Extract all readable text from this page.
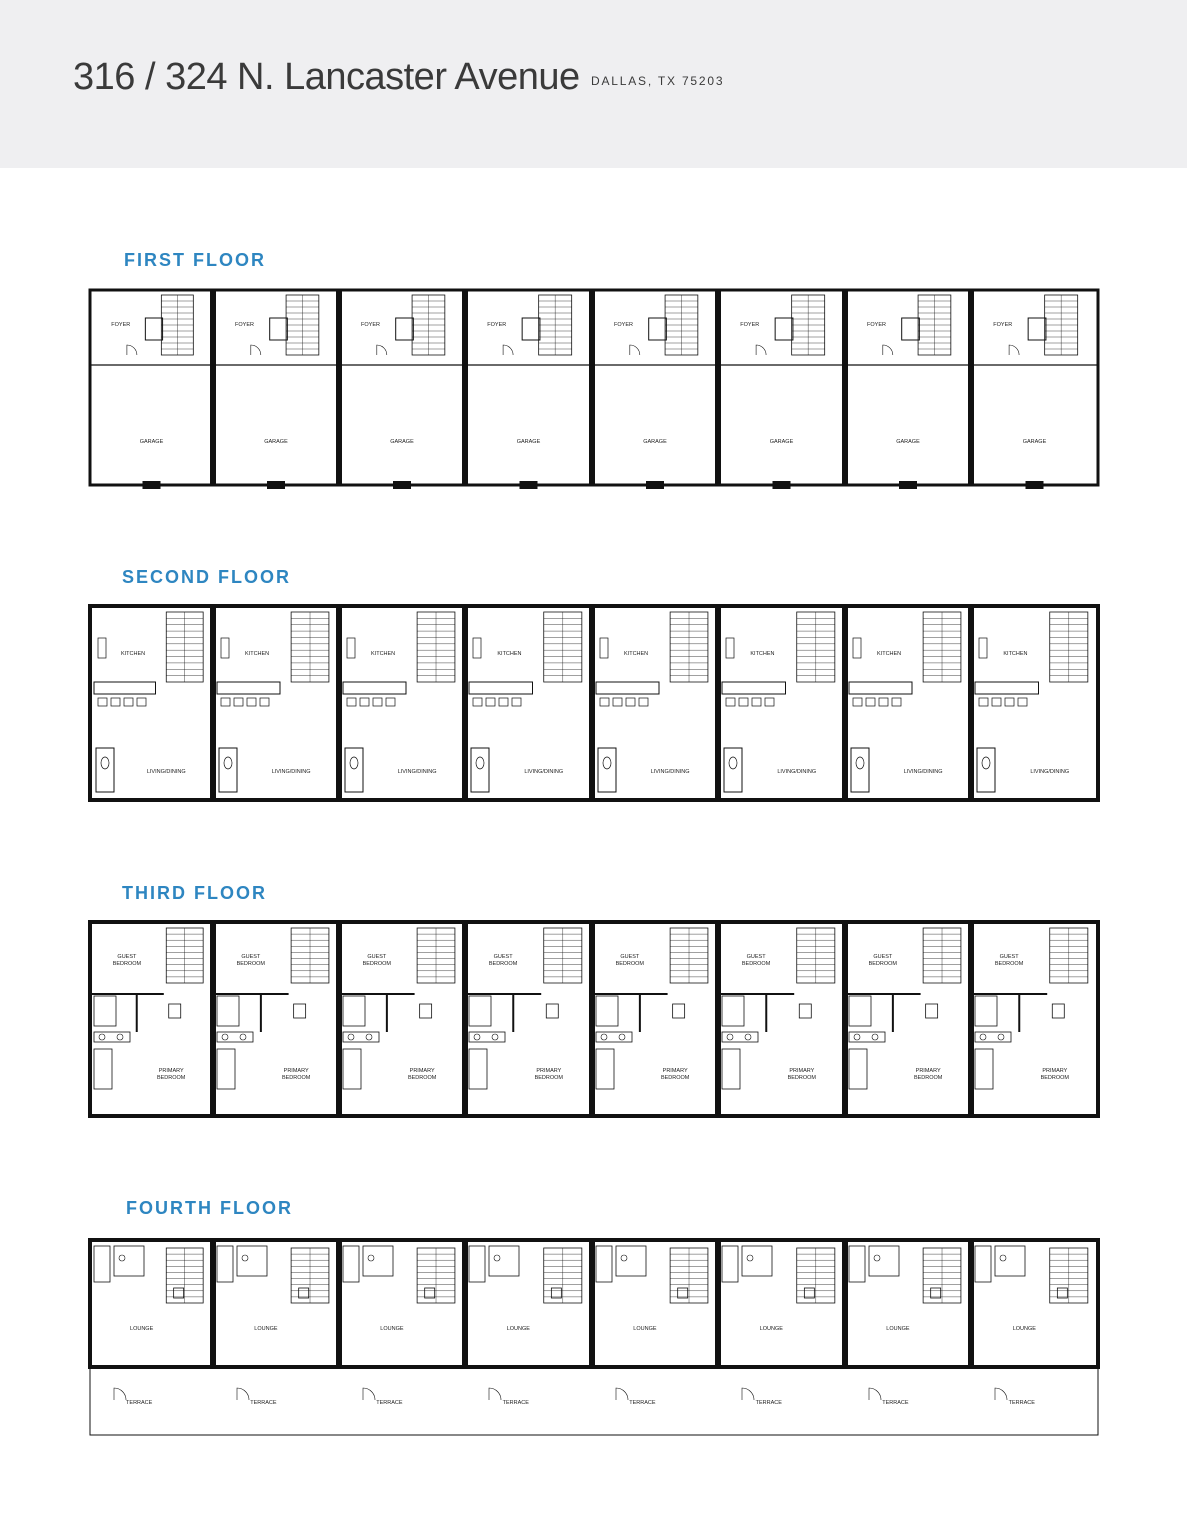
316 / 324 N. Lancaster Avenue DALLAS, TX 75203
FIRST FLOOR
FOYER
GARAGE
FOYER
GARAGE
FOYER
GARAGE
FOYER
GARAGE
FOYER
GARAGE
FOYER
GARAGE
FOYER
GARAGE
FOYER
GARAGE
SECOND FLOOR
KITCHEN
LIVING/DINING
KITCHEN
LIVING/DINING
KITCHEN
LIVING/DINING
KITCHEN
LIVING/DINING
KITCHEN
LIVING/DINING
KITCHEN
LIVING/DINING
KITCHEN
LIVING/DINING
KITCHEN
LIVING/DINING
THIRD FLOOR
GUEST BEDROOM
PRIMARY BEDROOM
GUEST BEDROOM
PRIMARY BEDROOM
GUEST BEDROOM
PRIMARY BEDROOM
GUEST BEDROOM
PRIMARY BEDROOM
GUEST BEDROOM
PRIMARY BEDROOM
GUEST BEDROOM
PRIMARY BEDROOM
GUEST BEDROOM
PRIMARY BEDROOM
GUEST BEDROOM
PRIMARY BEDROOM
FOURTH FLOOR
LOUNGE
TERRACE
LOUNGE
TERRACE
LOUNGE
TERRACE
LOUNGE
TERRACE
LOUNGE
TERRACE
LOUNGE
TERRACE
LOUNGE
TERRACE
LOUNGE
TERRACE
